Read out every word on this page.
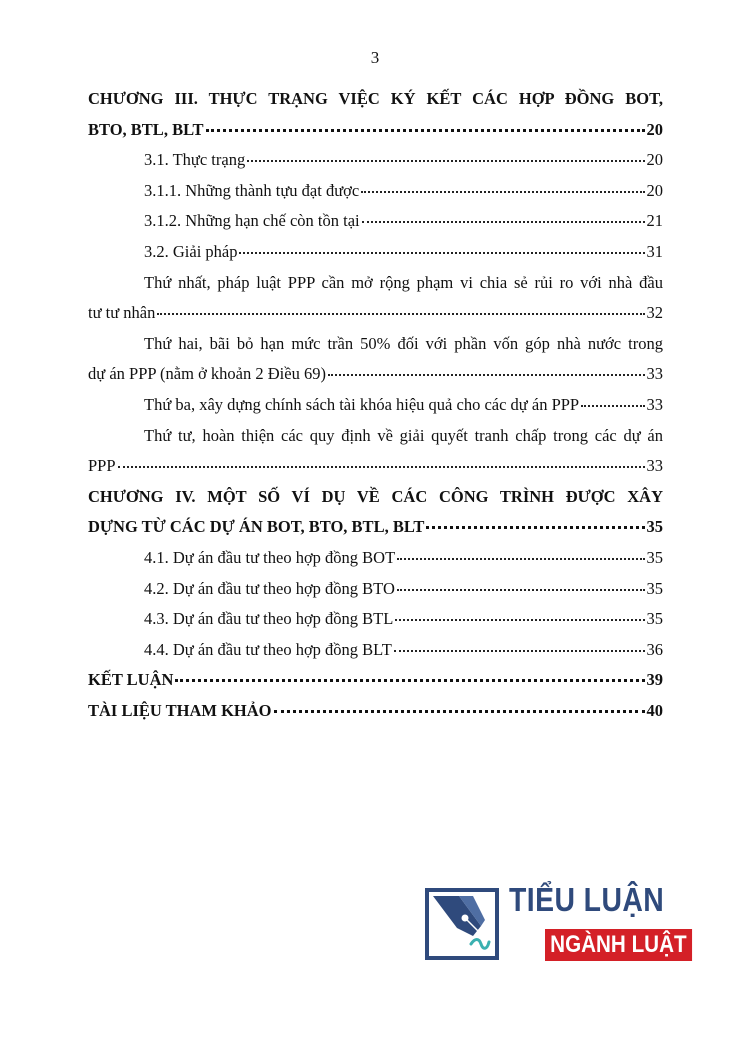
3
CHƯƠNG III. THỰC TRẠNG VIỆC KÝ KẾT CÁC HỢP ĐỒNG BOT,
BTO, BTL, BLT	20
3.1. Thực trạng	20
3.1.1. Những thành tựu đạt được	20
3.1.2. Những hạn chế còn tồn tại	21
3.2. Giải pháp	31
Thứ nhất, pháp luật PPP cần mở rộng phạm vi chia sẻ rủi ro với nhà đầu
tư tư nhân	32
Thứ hai, bãi bỏ hạn mức trần 50% đối với phần vốn góp nhà nước trong
dự án PPP (nằm ở khoản 2 Điều 69)	33
Thứ ba, xây dựng chính sách tài khóa hiệu quả cho các dự án PPP	33
Thứ tư, hoàn thiện các quy định về giải quyết tranh chấp trong các dự án
PPP	33
CHƯƠNG IV. MỘT SỐ VÍ DỤ VỀ CÁC CÔNG TRÌNH ĐƯỢC XÂY
DỰNG TỪ CÁC DỰ ÁN BOT, BTO, BTL, BLT	35
4.1. Dự án đầu tư theo hợp đồng BOT	35
4.2. Dự án đầu tư theo hợp đồng BTO	35
4.3. Dự án đầu tư theo hợp đồng BTL	35
4.4. Dự án đầu tư theo hợp đồng BLT	36
KẾT LUẬN	39
TÀI LIỆU THAM KHẢO	40
TIỂU LUẬN
NGÀNH LUẬT
